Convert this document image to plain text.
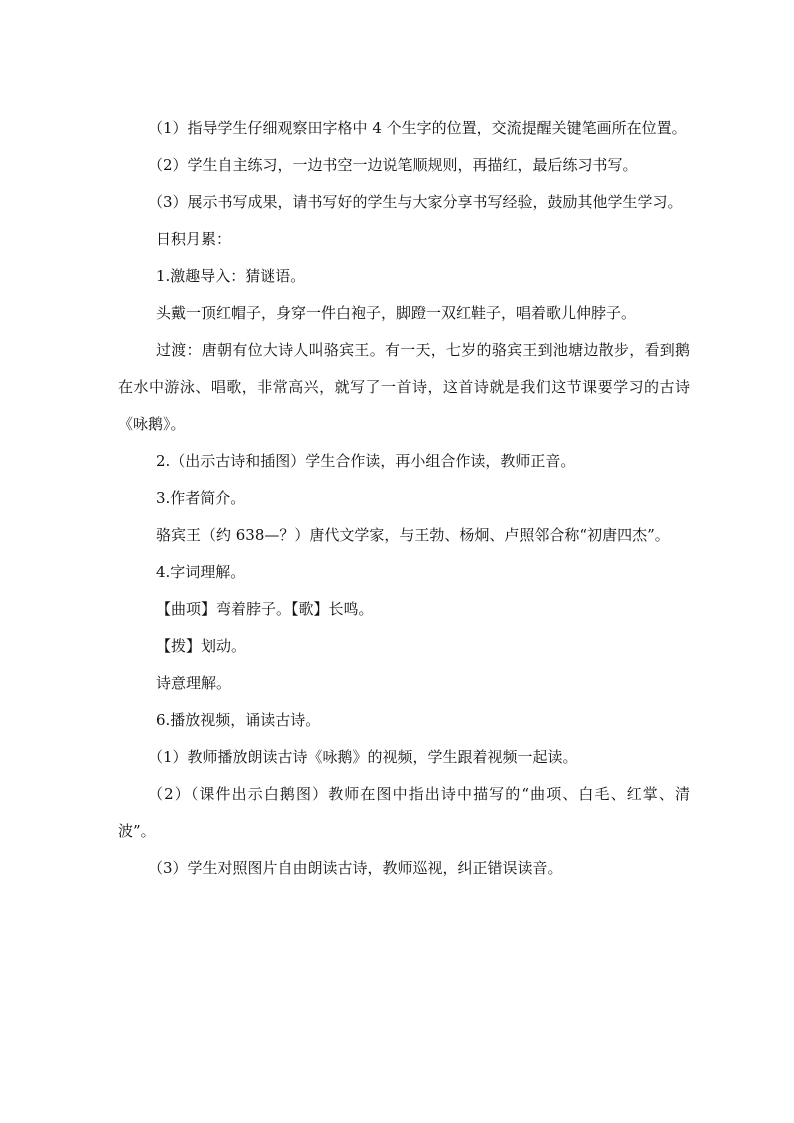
（1）指导学生仔细观察田字格中 4 个生字的位置，交流提醒关键笔画所在位置。

（2）学生自主练习，一边书空一边说笔顺规则，再描红，最后练习书写。

（3）展示书写成果，请书写好的学生与大家分享书写经验，鼓励其他学生学习。

日积月累：

1.激趣导入：猜谜语。

头戴一顶红帽子，身穿一件白袍子，脚蹬一双红鞋子，唱着歌儿伸脖子。

过渡：唐朝有位大诗人叫骆宾王。有一天，七岁的骆宾王到池塘边散步，看到鹅在水中游泳、唱歌，非常高兴，就写了一首诗，这首诗就是我们这节课要学习的古诗《咏鹅》。

2.（出示古诗和插图）学生合作读，再小组合作读，教师正音。

3.作者简介。

骆宾王（约 638—？）唐代文学家，与王勃、杨炯、卢照邻合称“初唐四杰”。

4.字词理解。

【曲项】弯着脖子。【歌】长鸣。

【拨】划动。

诗意理解。

6.播放视频，诵读古诗。

（1）教师播放朗读古诗《咏鹅》的视频，学生跟着视频一起读。

（2）（课件出示白鹅图）教师在图中指出诗中描写的“曲项、白毛、红掌、清波”。

（3）学生对照图片自由朗读古诗，教师巡视，纠正错误读音。
